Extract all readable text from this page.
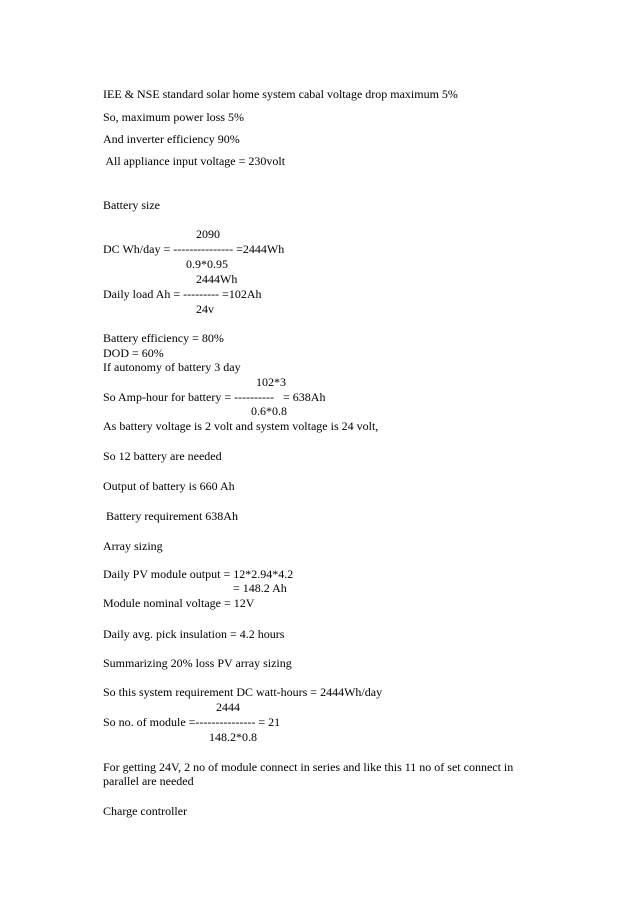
IEE & NSE standard solar home system cabal voltage drop maximum 5%
So, maximum power loss 5%
And inverter efficiency 90%
All appliance input voltage = 230volt
Battery size
2090
DC Wh/day = --------------- =2444Wh
0.9*0.95
2444Wh
Daily load Ah = --------- =102Ah
24v
Battery efficiency = 80%
DOD = 60%
If autonomy of battery 3 day
102*3
So Amp-hour for battery = ----------   = 638Ah
0.6*0.8
As battery voltage is 2 volt and system voltage is 24 volt,
So 12 battery are needed
Output of battery is 660 Ah
Battery requirement 638Ah
Array sizing
Daily PV module output = 12*2.94*4.2
= 148.2 Ah
Module nominal voltage = 12V
Daily avg. pick insulation = 4.2 hours
Summarizing 20% loss PV array sizing
So this system requirement DC watt-hours = 2444Wh/day
2444
So no. of module =--------------- = 21
148.2*0.8
For getting 24V, 2 no of module connect in series and like this 11 no of set connect in
parallel are needed
Charge controller
